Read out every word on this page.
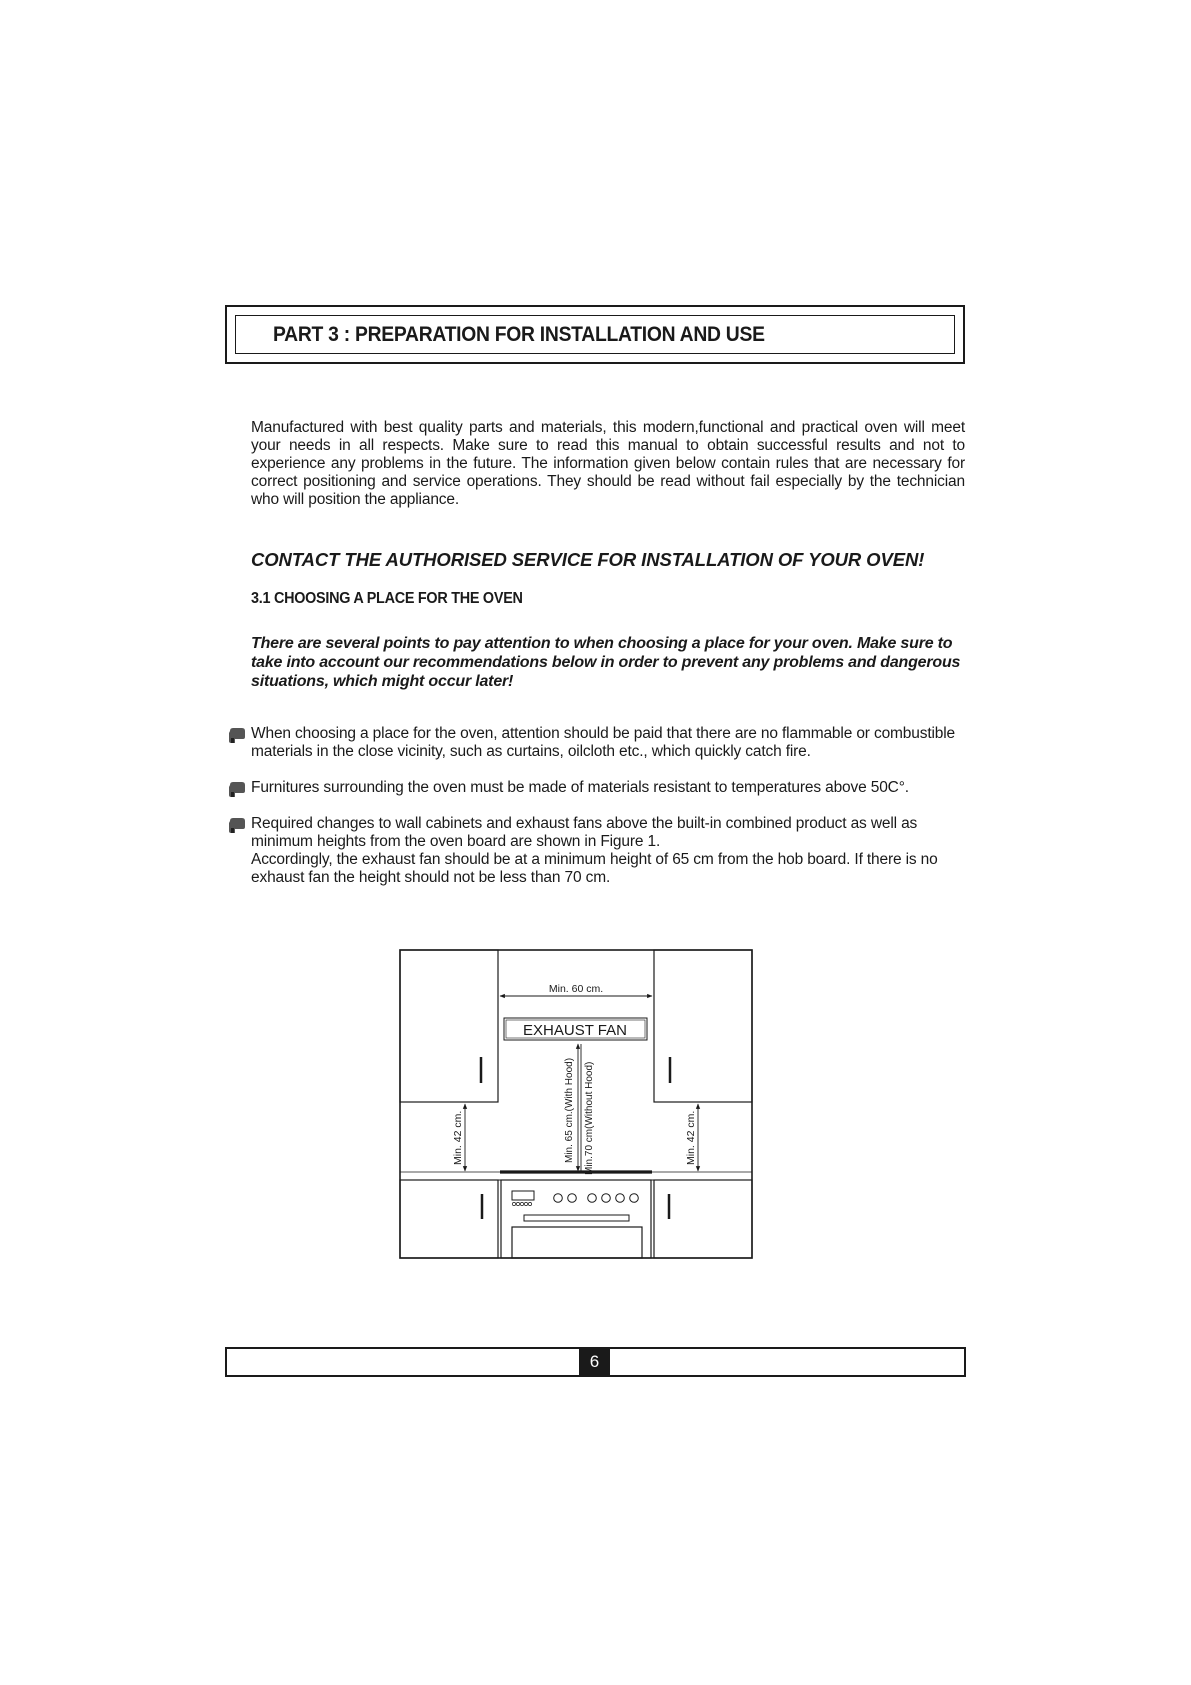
PART 3 : PREPARATION FOR INSTALLATION AND USE
Manufactured with best quality parts and materials, this modern,functional and practical oven will meet your needs in all respects. Make sure to read this manual to obtain successful results and not to experience any problems in the future. The information given below contain rules that are necessary for correct positioning and service operations. They should be read without fail especially by the technician who will position the appliance.
CONTACT THE AUTHORISED SERVICE FOR INSTALLATION OF YOUR OVEN!
3.1 CHOOSING A PLACE FOR THE OVEN
There are several points to pay attention to when choosing a place for your oven. Make sure to take into account our recommendations below in order to prevent any problems and dangerous situations, which might occur later!

When choosing a place for the oven, attention should be paid that there are no flammable or combustible materials in the close vicinity, such as curtains, oilcloth etc., which quickly catch fire.

Furnitures surrounding the oven must be made of materials resistant to temperatures above 50C°.

Required changes to wall cabinets and exhaust fans above the built-in combined product as well as minimum heights from the oven board are shown in Figure 1.

Accordingly, the exhaust fan should be at a minimum height of 65 cm from the hob board. If there is no exhaust fan the height should not be less than 70 cm.

Min. 60 cm.
EXHAUST FAN
Min. 65 cm.(With Hood) Min.70 cm(Without Hood)
Min. 42 cm.	Min. 42 cm.
6
